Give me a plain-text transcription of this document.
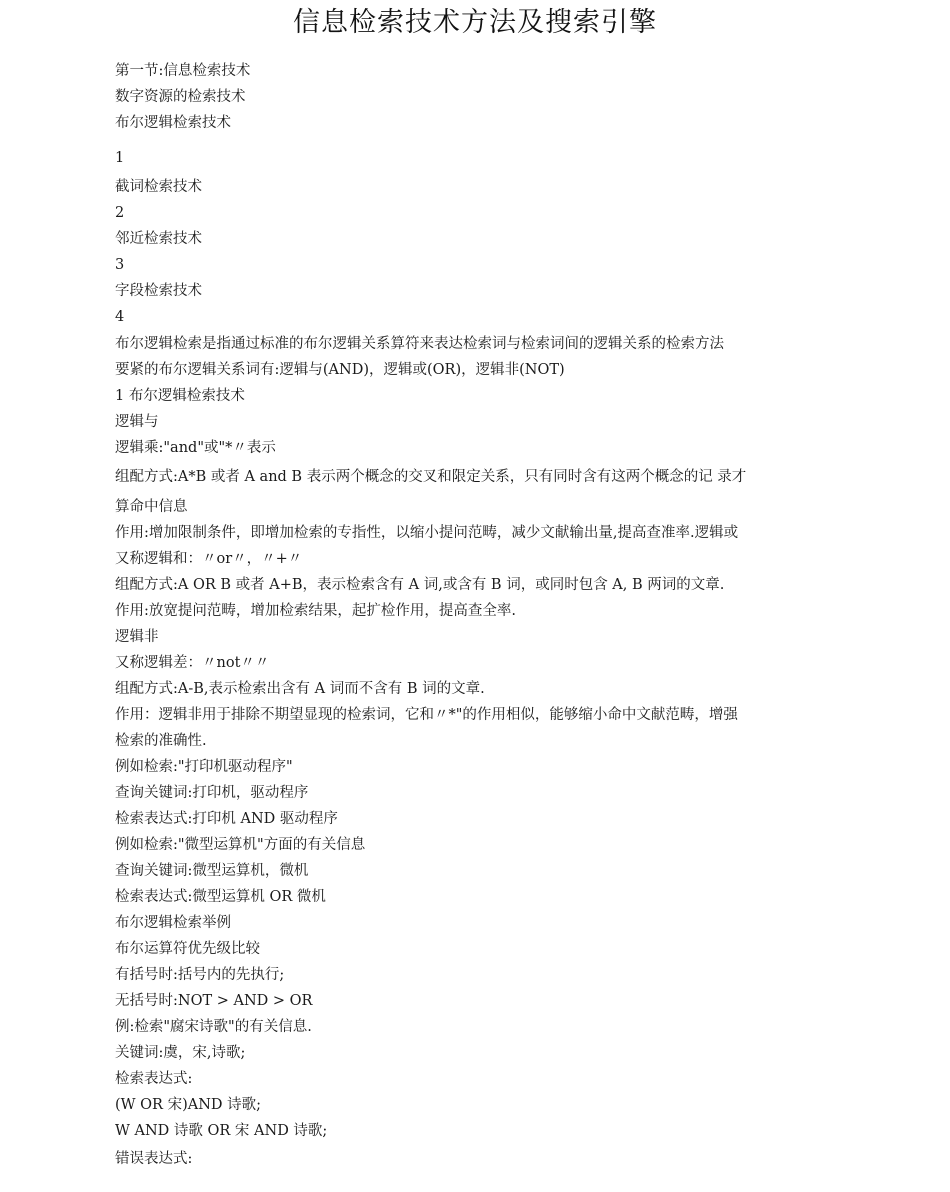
信息检索技术方法及搜索引擎
第一节:信息检索技术
数字资源的检索技术
布尔逻辑检索技术
1
截词检索技术
2
邻近检索技术
3
字段检索技术
4
布尔逻辑检索是指通过标准的布尔逻辑关系算符来表达检索词与检索词间的逻辑关系的检索方法
要紧的布尔逻辑关系词有:逻辑与(AND)，逻辑或(OR)，逻辑非(NOT)
1 布尔逻辑检索技术
逻辑与
逻辑乘:"and"或"*〃表示
组配方式:A*B 或者 A and B 表示两个概念的交叉和限定关系，只有同时含有这两个概念的记 录才
算命中信息
作用:增加限制条件，即增加检索的专指性，以缩小提问范畴，减少文献输出量,提高查准率.逻辑或
又称逻辑和：〃or〃，〃+〃
组配方式:A OR B 或者 A+B，表示检索含有 A 词,或含有 B 词，或同时包含 A, B 两词的文章.
作用:放宽提问范畴，增加检索结果，起扩检作用，提高查全率.
逻辑非
又称逻辑差：〃not〃〃
组配方式:A-B,表示检索出含有 A 词而不含有 B 词的文章.
作用：逻辑非用于排除不期望显现的检索词，它和〃*"的作用相似，能够缩小命中文献范畴，增强
检索的准确性.
例如检索:"打印机驱动程序"
查询关键词:打印机，驱动程序
检索表达式:打印机 AND 驱动程序
例如检索:"微型运算机"方面的有关信息
查询关键词:微型运算机，微机
检索表达式:微型运算机 OR 微机
布尔逻辑检索举例
布尔运算符优先级比较
有括号时:括号内的先执行;
无括号时:NOT > AND > OR
例:检索"腐宋诗歌"的有关信息.
关键词:虞，宋,诗歌;
检索表达式:
(W OR 宋)AND 诗歌;
W AND 诗歌 OR 宋 AND 诗歌;
错误表达式:
